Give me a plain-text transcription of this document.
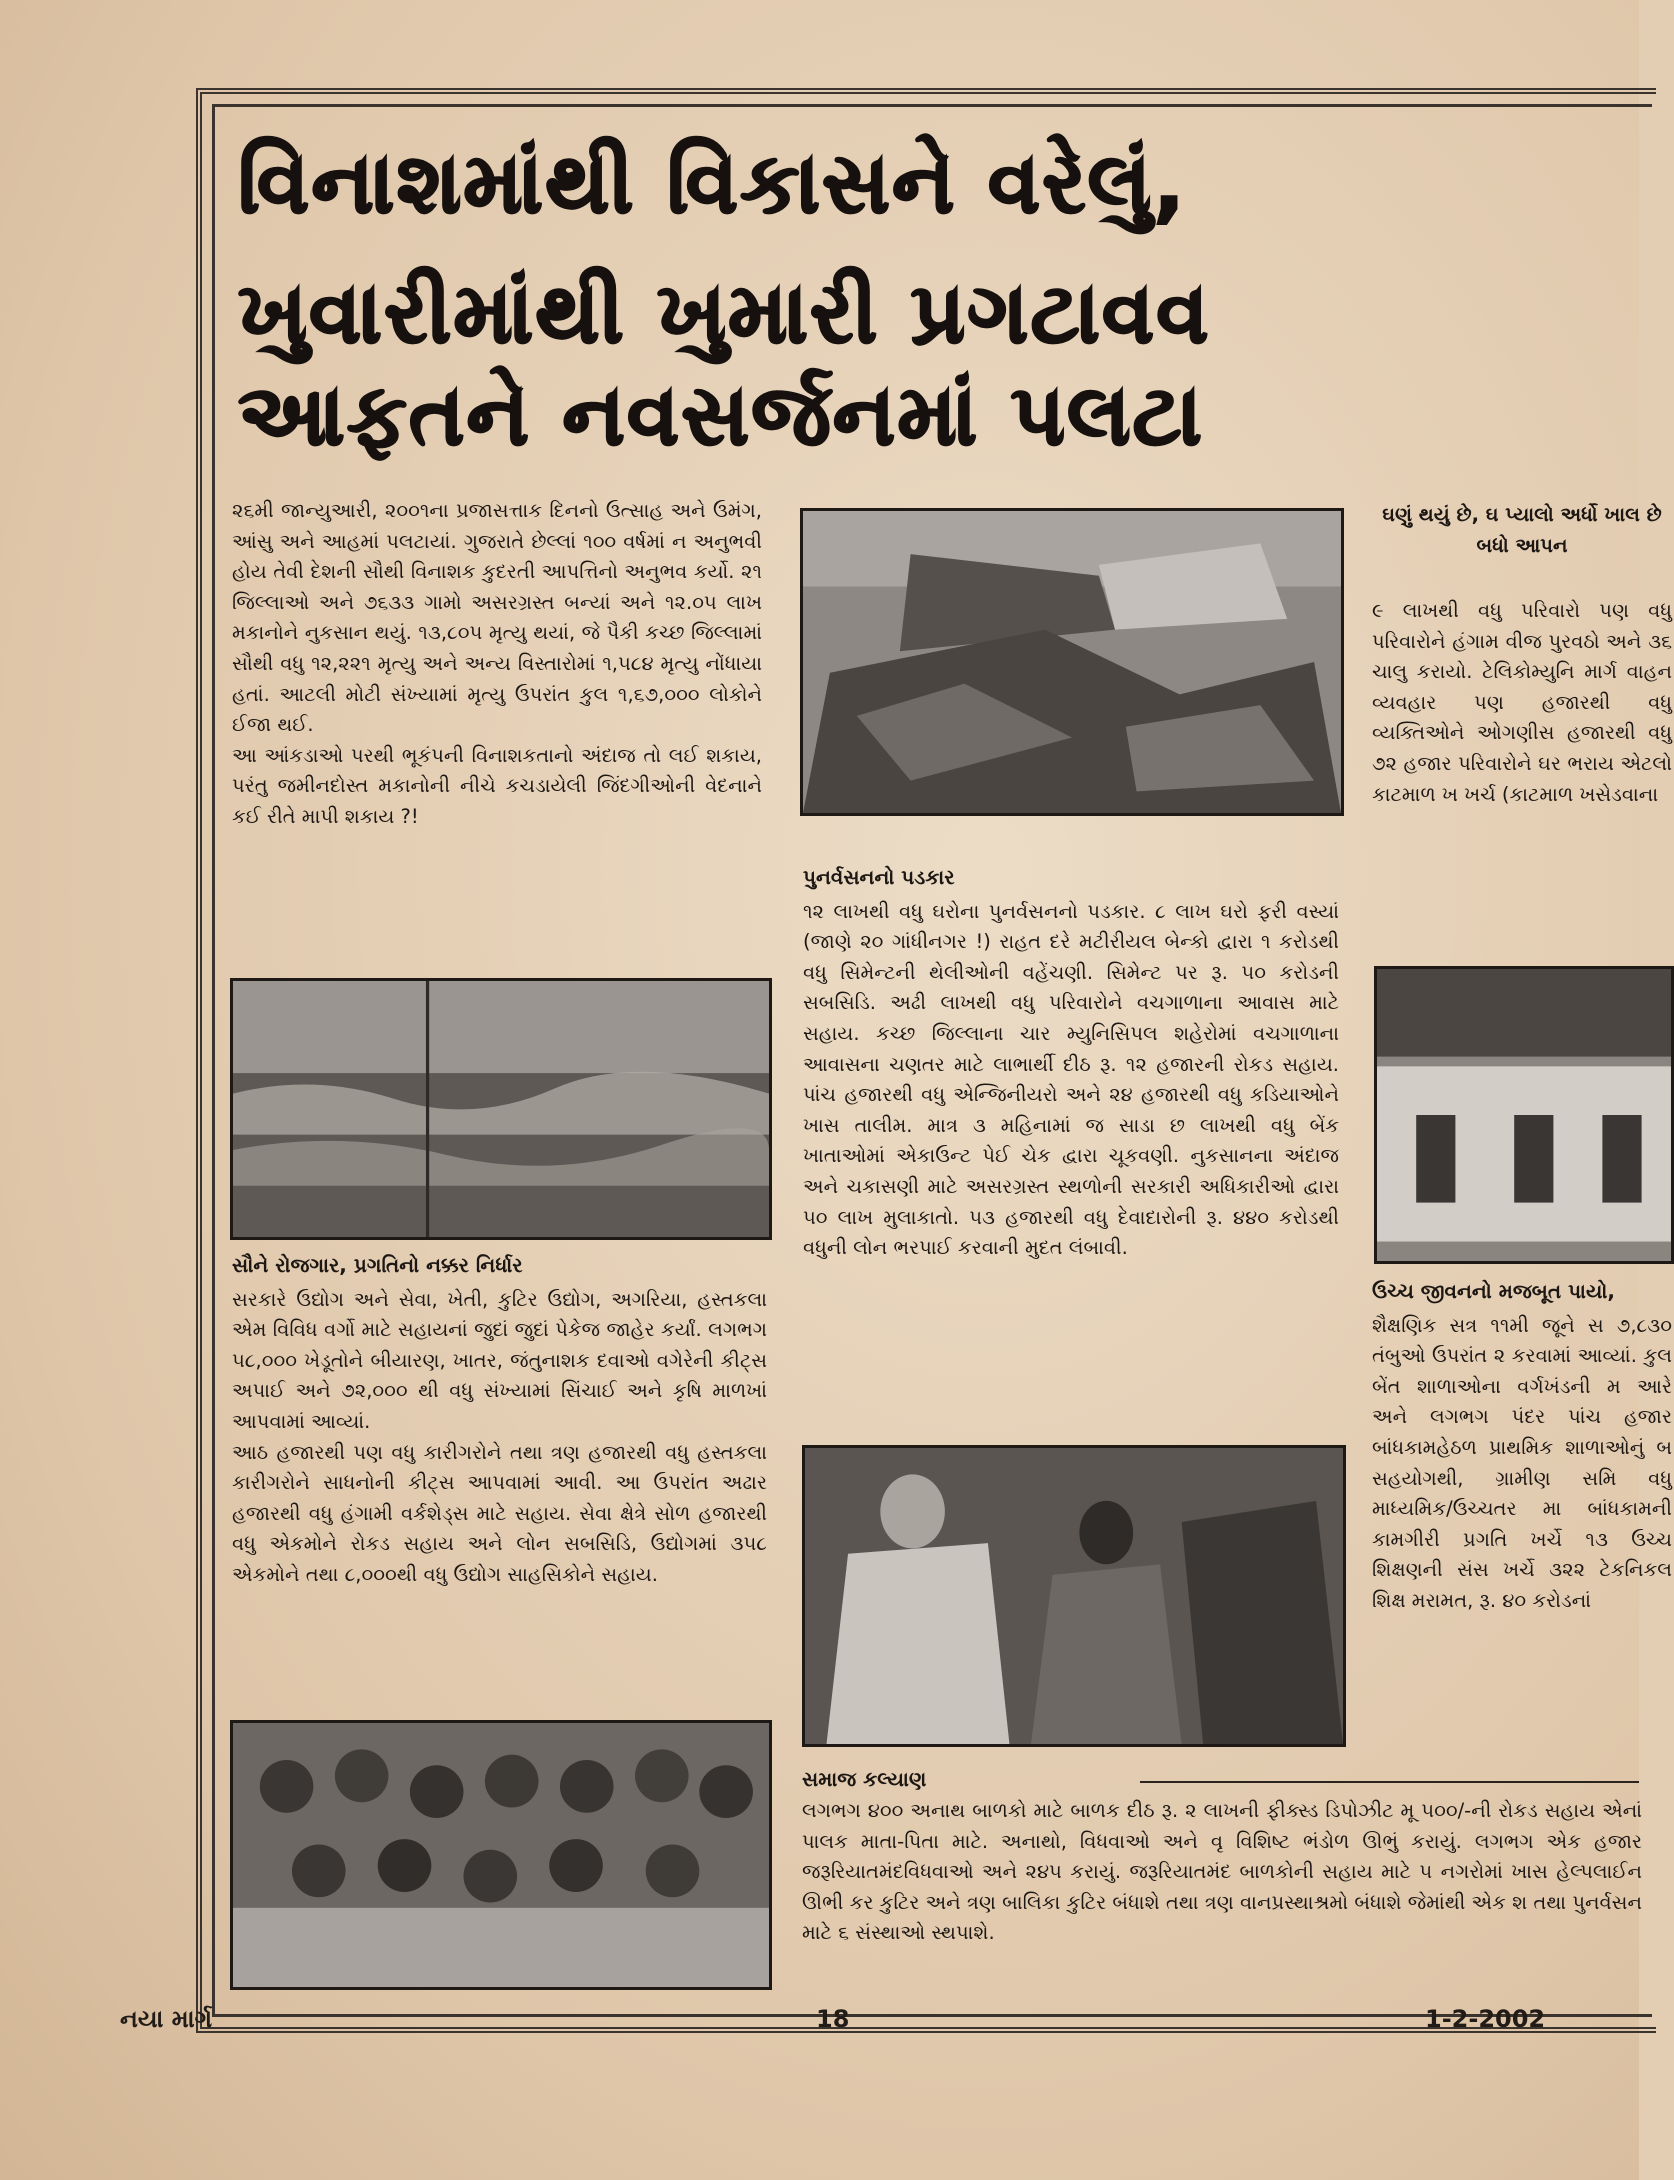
વિનાશમાંથી વિકાસને વરેલું,
ખુવારીમાંથી ખુમારી પ્રગટાવવ
આફતને નવસર્જનમાં પલટા

૨૬મી જાન્યુઆરી, ૨૦૦૧ના પ્રજાસત્તાક દિનનો ઉત્સાહ અને ઉમંગ, આંસુ અને આહમાં પલટાયાં. ગુજરાતે છેલ્લાં ૧૦૦ વર્ષમાં ન અનુભવી હોય તેવી દેશની સૌથી વિનાશક કુદરતી આપત્તિનો અનુભવ કર્યો. ૨૧ જિલ્લાઓ અને ૭૬૩૩ ગામો અસરગ્રસ્ત બન્યાં અને ૧૨.૦૫ લાખ મકાનોને નુકસાન થયું. ૧૩,૮૦૫ મૃત્યુ થયાં, જે પૈકી કચ્છ જિલ્લામાં સૌથી વધુ ૧૨,૨૨૧ મૃત્યુ અને અન્ય વિસ્તારોમાં ૧,૫૮૪ મૃત્યુ નોંધાયા હતાં. આટલી મોટી સંખ્યામાં મૃત્યુ ઉપરાંત કુલ ૧,૬૭,૦૦૦ લોકોને ઈજા થઈ.

આ આંકડાઓ પરથી ભૂકંપની વિનાશકતાનો અંદાજ તો લઈ શકાય, પરંતુ જમીનદોસ્ત મકાનોની નીચે કચડાયેલી જિંદગીઓની વેદનાને કઈ રીતે માપી શકાય ?!

સૌને રોજગાર, પ્રગતિનો નક્કર નિર્ધાર

સરકારે ઉદ્યોગ અને સેવા, ખેતી, કુટિર ઉદ્યોગ, અગરિયા, હસ્તકલા એમ વિવિધ વર્ગો માટે સહાયનાં જુદાં જુદાં પેકેજ જાહેર કર્યાં. લગભગ ૫૮,૦૦૦ ખેડૂતોને બીયારણ, ખાતર, જંતુનાશક દવાઓ વગેરેની કીટ્સ અપાઈ અને ૭૨,૦૦૦ થી વધુ સંખ્યામાં સિંચાઈ અને કૃષિ માળખાં આપવામાં આવ્યાં.

આઠ હજારથી પણ વધુ કારીગરોને તથા ત્રણ હજારથી વધુ હસ્તકલા કારીગરોને સાધનોની કીટ્સ આપવામાં આવી. આ ઉપરાંત અઢાર હજારથી વધુ હંગામી વર્કશેડ્સ માટે સહાય. સેવા ક્ષેત્રે સોળ હજારથી વધુ એકમોને રોકડ સહાય અને લોન સબસિડિ, ઉદ્યોગમાં ૩૫૮ એકમોને તથા ૮,૦૦૦થી વધુ ઉદ્યોગ સાહસિકોને સહાય.

પુનર્વસનનો પડકાર

૧૨ લાખથી વધુ ઘરોના પુનર્વસનનો પડકાર. ૮ લાખ ઘરો ફરી વસ્યાં (જાણે ૨૦ ગાંધીનગર !) રાહત દરે મટીરીયલ બેન્કો દ્વારા ૧ કરોડથી વધુ સિમેન્ટની થેલીઓની વહેંચણી. સિમેન્ટ પર રૂ. ૫૦ કરોડની સબસિડિ. અઢી લાખથી વધુ પરિવારોને વચગાળાના આવાસ માટે સહાય. કચ્છ જિલ્લાના ચાર મ્યુનિસિપલ શહેરોમાં વચગાળાના આવાસના ચણતર માટે લાભાર્થી દીઠ રૂ. ૧૨ હજારની રોકડ સહાય. પાંચ હજારથી વધુ એન્જિનીયરો અને ૨૪ હજારથી વધુ કડિયાઓને ખાસ તાલીમ. માત્ર ૩ મહિનામાં જ સાડા છ લાખથી વધુ બેંક ખાતાઓમાં એકાઉન્ટ પેઈ ચેક દ્વારા ચૂકવણી. નુકસાનના અંદાજ અને ચકાસણી માટે અસરગ્રસ્ત સ્થળોની સરકારી અધિકારીઓ દ્વારા ૫૦ લાખ મુલાકાતો. ૫૩ હજારથી વધુ દેવાદારોની રૂ. ૪૪૦ કરોડથી વધુની લોન ભરપાઈ કરવાની મુદત લંબાવી.

ઘણું થયું છે, ઘ પ્યાલો અર્ધો ખાલ છે બધો આપન
૯ લાખથી વધુ પરિવારો પણ વધુ પરિવારોને હંગામ વીજ પુરવઠો અને ૩૬ ચાલુ કરાયો. ટેલિકોમ્યુનિ માર્ગ વાહન વ્યવહાર પણ હજારથી વધુ વ્યક્તિઓને ઓગણીસ હજારથી વધુ ૭૨ હજાર પરિવારોને ઘર ભરાય એટલો કાટમાળ ખ ખર્ચ (કાટમાળ ખસેડવાના
ઉચ્ચ જીવનનો મજબૂત પાયો,

શૈક્ષણિક સત્ર ૧૧મી જૂને સ ૭,૮૩૦ તંબુઓ ઉપરાંત ૨ કરવામાં આવ્યાં. કુલ બેંત શાળાઓના વર્ગખંડની મ આરે અને લગભગ પંદર પાંચ હજાર બાંધકામહેઠળ પ્રાથમિક શાળાઓનું બ સહયોગથી, ગ્રામીણ સમિ વધુ માધ્યમિક/ઉચ્ચતર મા બાંધકામની કામગીરી પ્રગતિ ખર્ચે ૧૩ ઉચ્ચ શિક્ષણની સંસ ખર્ચે ૩૨૨ ટેકનિકલ શિક્ષ મરામત, રૂ. ૪૦ કરોડનાં

સમાજ કલ્યાણ
લગભગ ૪૦૦ અનાથ બાળકો માટે બાળક દીઠ રૂ. ૨ લાખની ફીક્સ્ડ ડિપોઝીટ મૂ ૫૦૦/-ની રોકડ સહાય એનાં પાલક માતા-પિતા માટે. અનાથો, વિધવાઓ અને વૃ વિશિષ્ટ ભંડોળ ઊભું કરાયું. લગભગ એક હજાર જરૂરિયાતમંદવિધવાઓ અને ૨૪૫ કરાયું. જરૂરિયાતમંદ બાળકોની સહાય માટે ૫ નગરોમાં ખાસ હેલ્પલાઈન ઊભી કર કુટિર અને ત્રણ બાલિકા કુટિર બંધાશે તથા ત્રણ વાનપ્રસ્થાશ્રમો બંધાશે જેમાંથી એક શ તથા પુનર્વસન માટે ૬ સંસ્થાઓ સ્થપાશે.
નયા માર્ગ	18	1-2-2002
